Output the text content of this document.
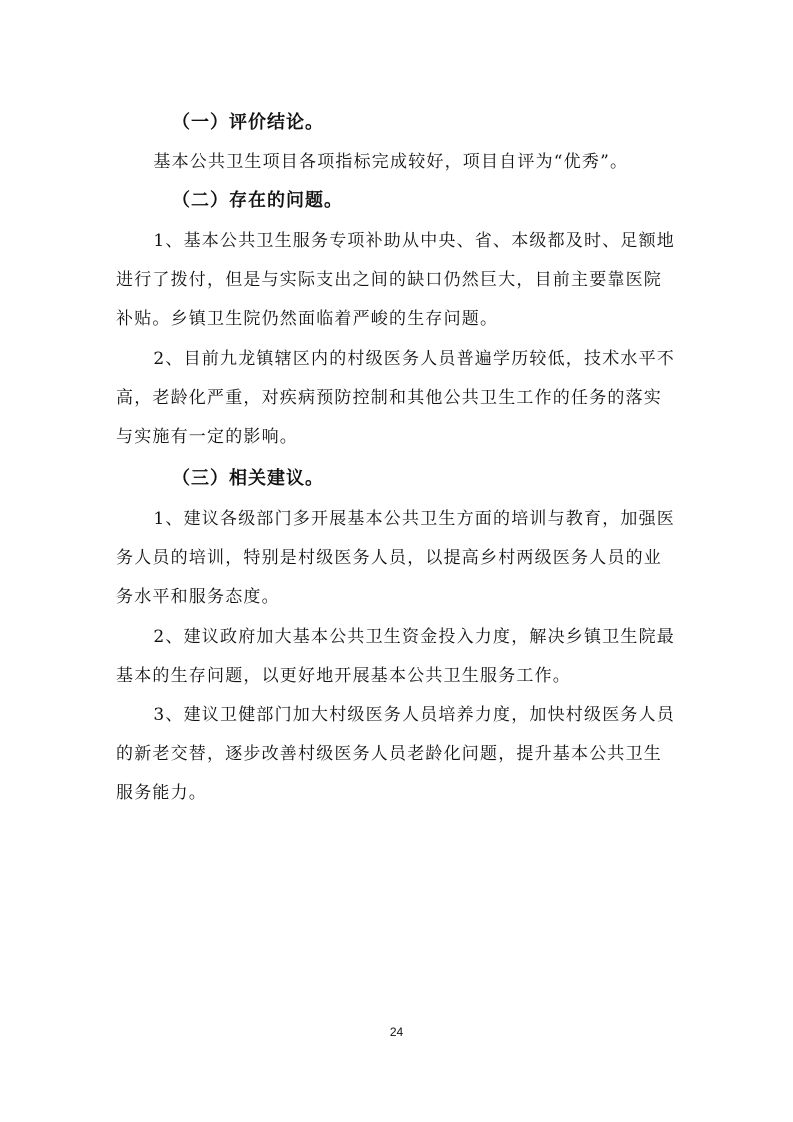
（一）评价结论。
基本公共卫生项目各项指标完成较好，项目自评为“优秀”。
（二）存在的问题。
1、基本公共卫生服务专项补助从中央、省、本级都及时、足额地进行了拨付，但是与实际支出之间的缺口仍然巨大，目前主要靠医院补贴。乡镇卫生院仍然面临着严峻的生存问题。
2、目前九龙镇辖区内的村级医务人员普遍学历较低，技术水平不高，老龄化严重，对疾病预防控制和其他公共卫生工作的任务的落实与实施有一定的影响。
（三）相关建议。
1、建议各级部门多开展基本公共卫生方面的培训与教育，加强医务人员的培训，特别是村级医务人员，以提高乡村两级医务人员的业务水平和服务态度。
2、建议政府加大基本公共卫生资金投入力度，解决乡镇卫生院最基本的生存问题，以更好地开展基本公共卫生服务工作。
3、建议卫健部门加大村级医务人员培养力度，加快村级医务人员的新老交替，逐步改善村级医务人员老龄化问题，提升基本公共卫生服务能力。
24
